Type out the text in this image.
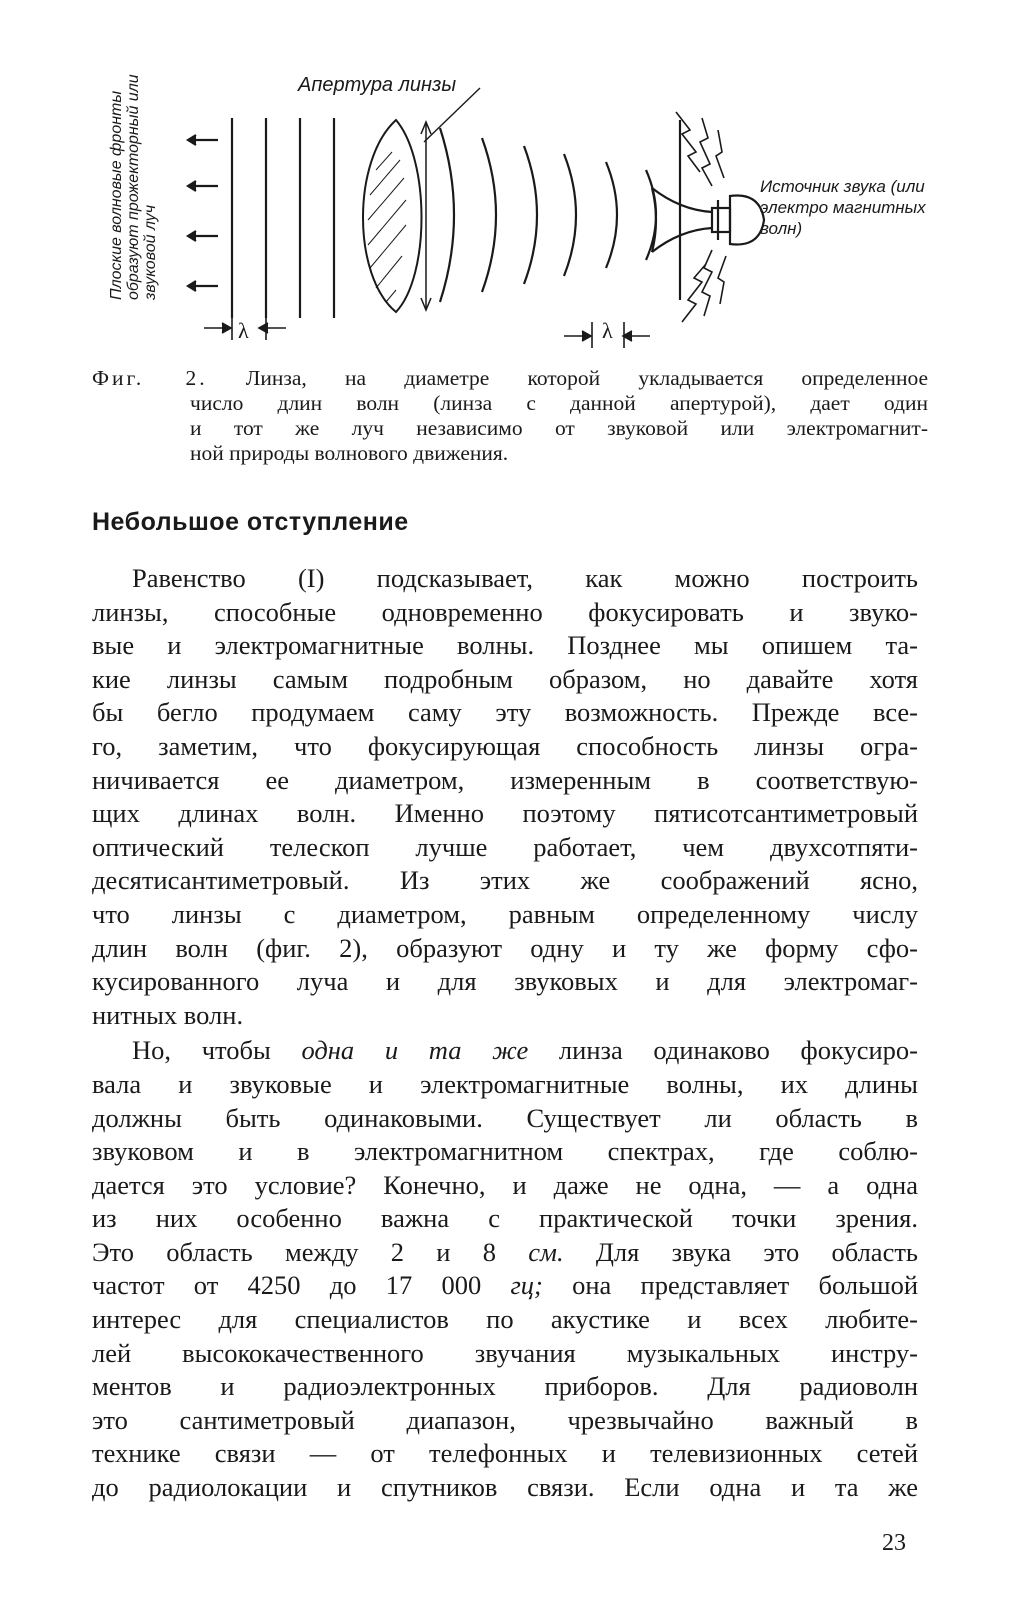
Апертура линзы
Источник звука (или электро магнитных волн)
Плоские волновые фронты образуют прожекторный или звуковой луч
λ	λ
Фиг. 2. Линза, на диаметре которой укладывается определенное
число длин волн (линза с данной апертурой), дает один
и тот же луч независимо от звуковой или электромагнит-
ной природы волнового движения.
Небольшое отступление
Равенство (I) подсказывает, как можно построить
линзы, способные одновременно фокусировать и звуко-
вые и электромагнитные волны. Позднее мы опишем та-
кие линзы самым подробным образом, но давайте хотя
бы бегло продумаем саму эту возможность. Прежде все-
го, заметим, что фокусирующая способность линзы огра-
ничивается ее диаметром, измеренным в соответствую-
щих длинах волн. Именно поэтому пятисотсантиметровый
оптический телескоп лучше работает, чем двухсотпяти-
десятисантиметровый. Из этих же соображений ясно,
что линзы с диаметром, равным определенному числу
длин волн (фиг. 2), образуют одну и ту же форму сфо-
кусированного луча и для звуковых и для электромаг-
нитных волн.
Но, чтобы одна и та же линза одинаково фокусиро-
вала и звуковые и электромагнитные волны, их длины
должны быть одинаковыми. Существует ли область в
звуковом и в электромагнитном спектрах, где соблю-
дается это условие? Конечно, и даже не одна, — а одна
из них особенно важна с практической точки зрения.
Это область между 2 и 8 см. Для звука это область
частот от 4250 до 17 000 гц; она представляет большой
интерес для специалистов по акустике и всех любите-
лей высококачественного звучания музыкальных инстру-
ментов и радиоэлектронных приборов. Для радиоволн
это сантиметровый диапазон, чрезвычайно важный в
технике связи — от телефонных и телевизионных сетей
до радиолокации и спутников связи. Если одна и та же
23
